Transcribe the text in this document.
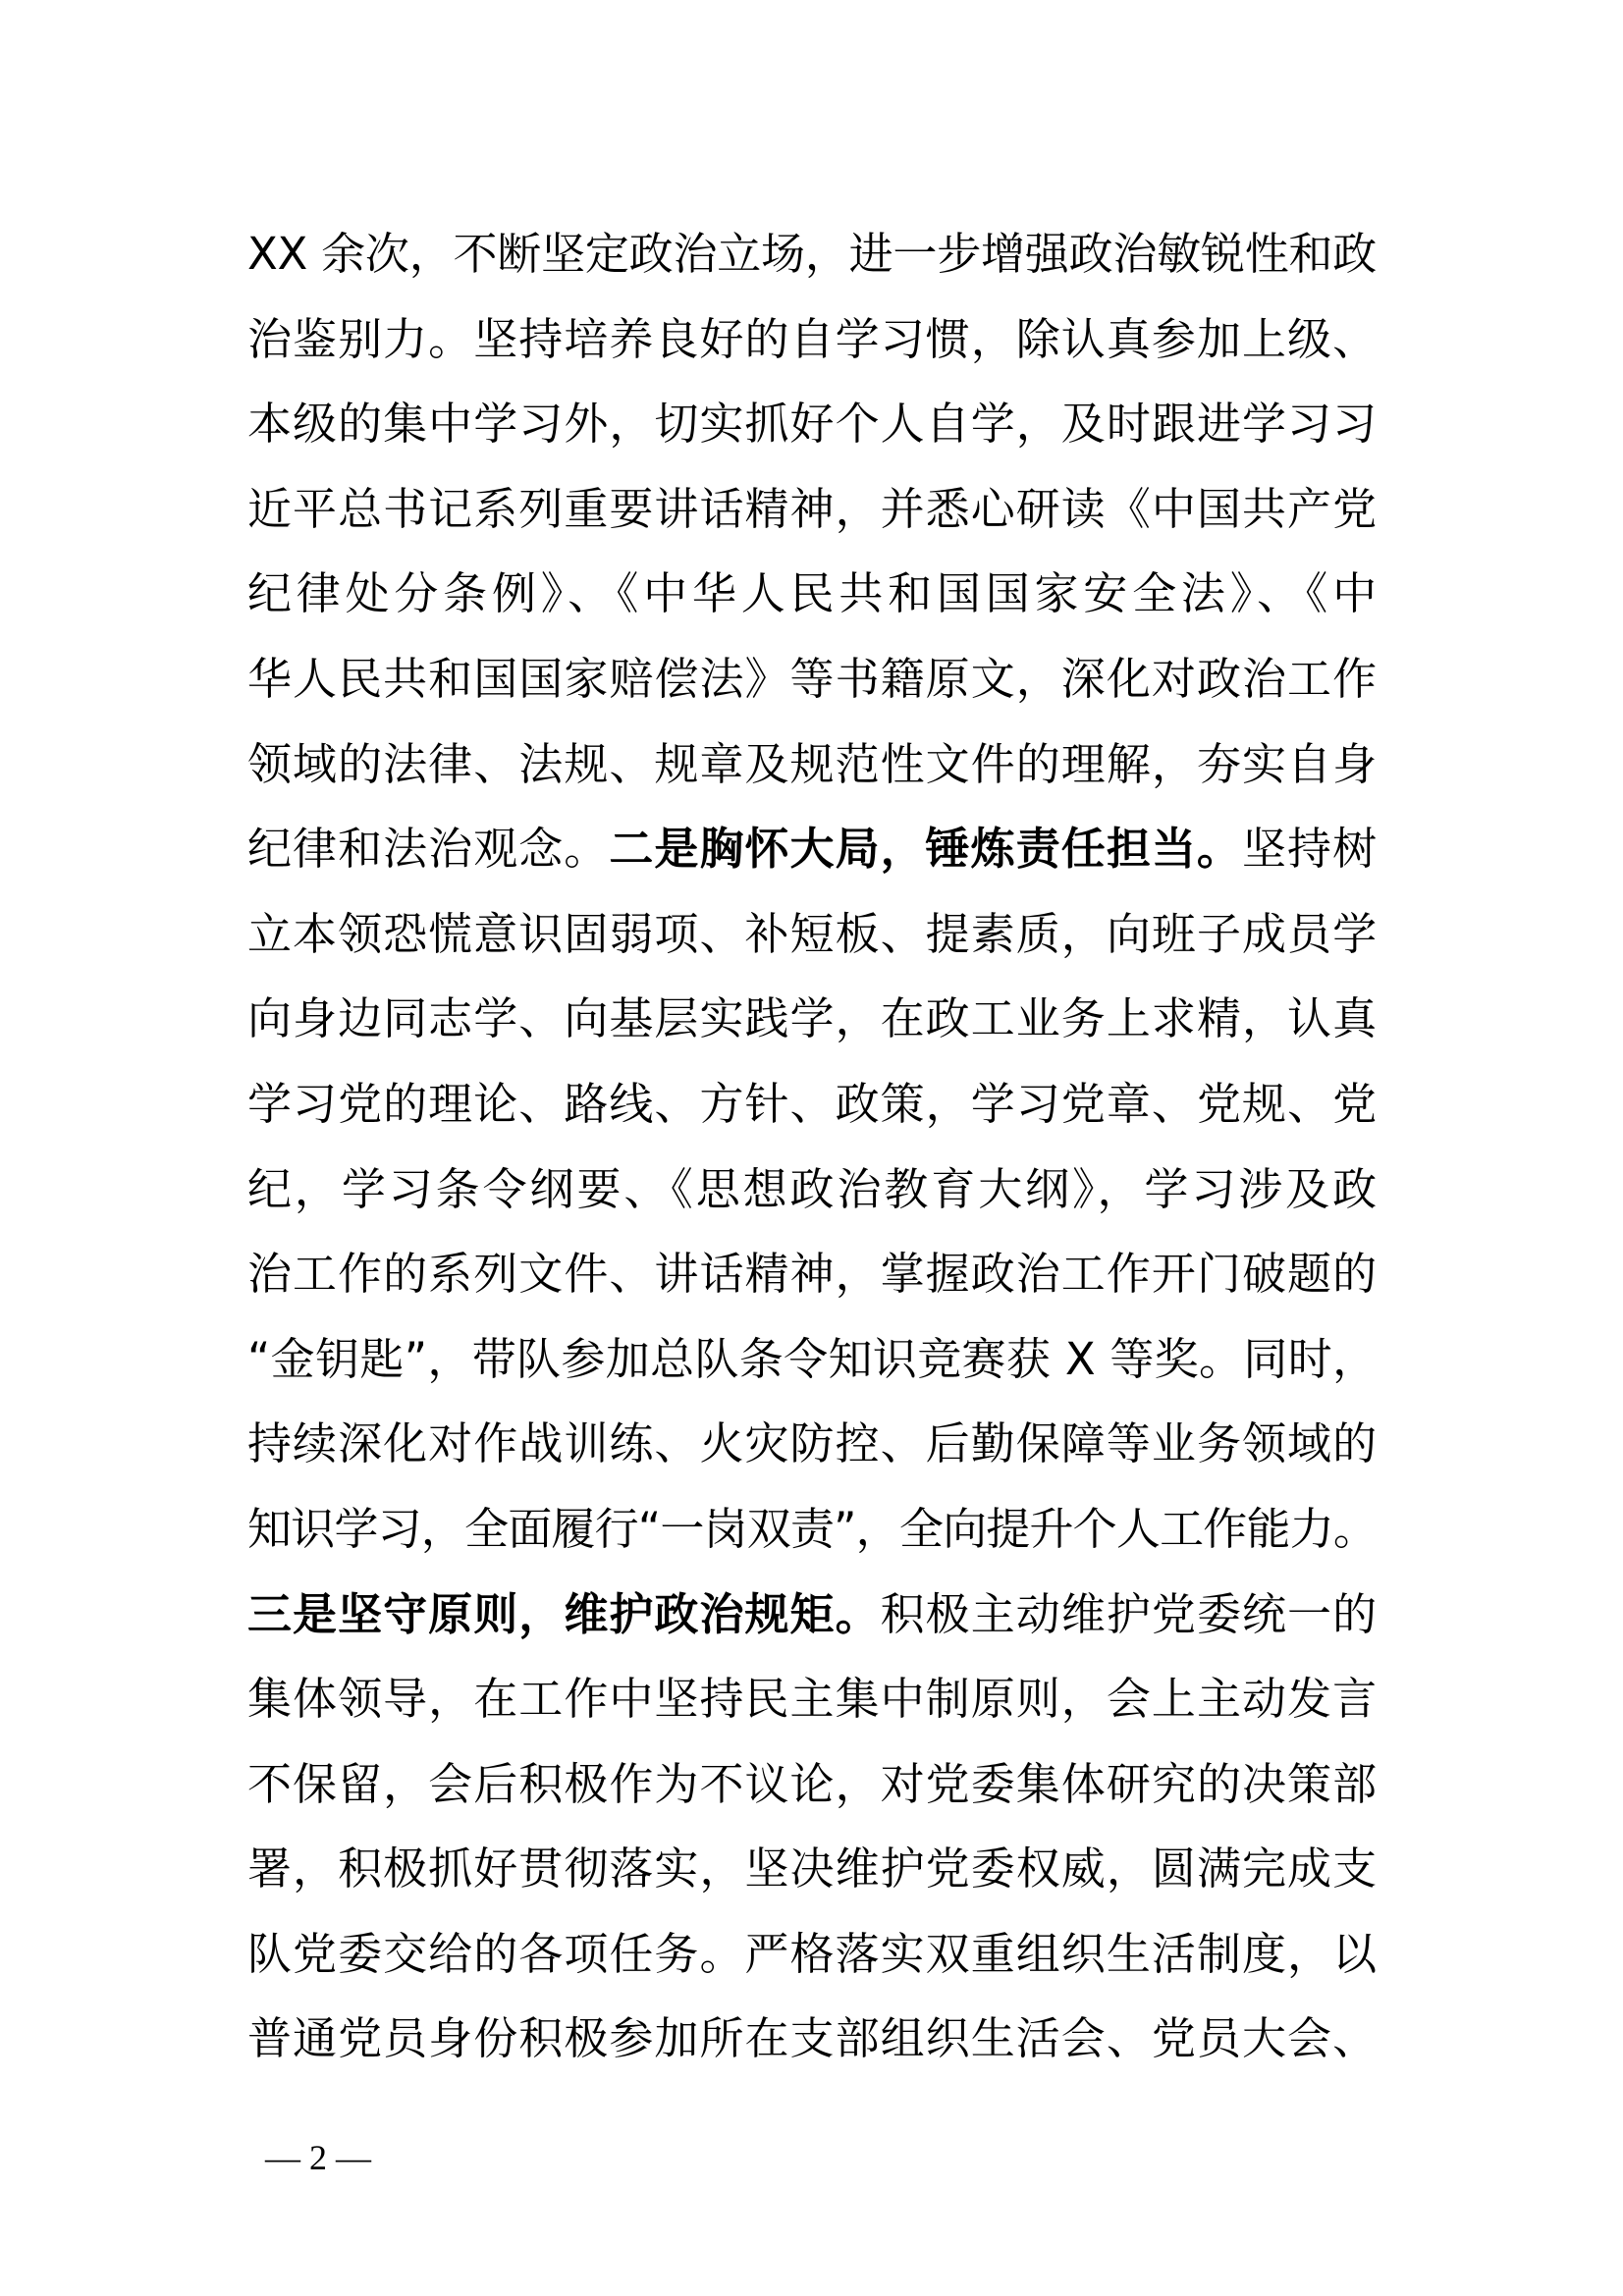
XX 余次，不断坚定政治立场，进一步增强政治敏锐性和政
治鉴别力。坚持培养良好的自学习惯，除认真参加上级、
本级的集中学习外，切实抓好个人自学，及时跟进学习习
近平总书记系列重要讲话精神，并悉心研读《中国共产党
纪律处分条例》、《中华人民共和国国家安全法》、《中
华人民共和国国家赔偿法》等书籍原文，深化对政治工作
领域的法律、法规、规章及规范性文件的理解，夯实自身
纪律和法治观念。二是胸怀大局，锤炼责任担当。坚持树
立本领恐慌意识固弱项、补短板、提素质，向班子成员学
向身边同志学、向基层实践学，在政工业务上求精，认真
学习党的理论、路线、方针、政策，学习党章、党规、党
纪，学习条令纲要、《思想政治教育大纲》，学习涉及政
治工作的系列文件、讲话精神，掌握政治工作开门破题的
“金钥匙”，带队参加总队条令知识竞赛获 X 等奖。同时，
持续深化对作战训练、火灾防控、后勤保障等业务领域的
知识学习，全面履行“一岗双责”，全向提升个人工作能力。
三是坚守原则，维护政治规矩。积极主动维护党委统一的
集体领导，在工作中坚持民主集中制原则，会上主动发言
不保留，会后积极作为不议论，对党委集体研究的决策部
署，积极抓好贯彻落实，坚决维护党委权威，圆满完成支
队党委交给的各项任务。严格落实双重组织生活制度，以
普通党员身份积极参加所在支部组织生活会、党员大会、
— 2 —
